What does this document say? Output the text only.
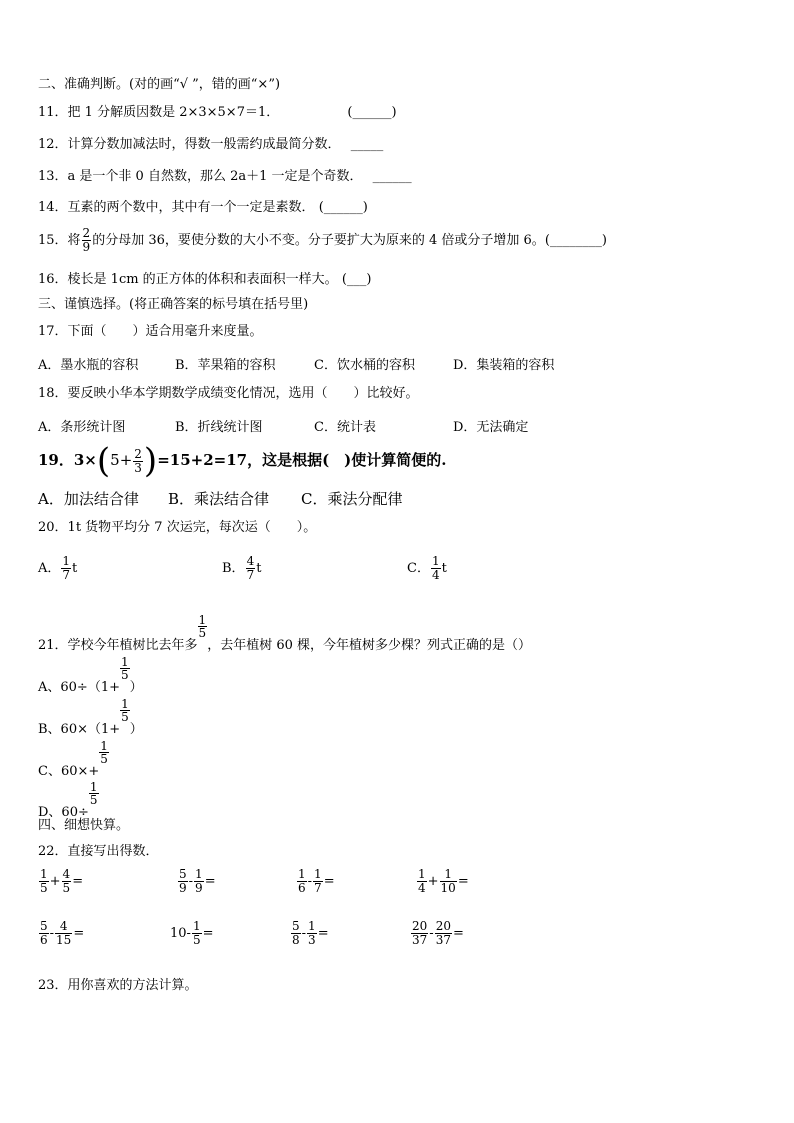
二、准确判断。(对的画“√ ”，错的画“×”)
11．把 1 分解质因数是 2×3×5×7＝1．	(______)
12．计算分数加减法时，得数一般需约成最简分数． _____
13．a 是一个非 0 自然数，那么 2a＋1 一定是个奇数． ______
14．互素的两个数中，其中有一个一定是素数． (______)
15．将 $\frac{2}{9}$ 的分母加 36，要使分数的大小不变。分子要扩大为原来的 4 倍或分子增加 6。(________)
16．棱长是 1cm 的正方体的体积和表面积一样大。 (___)
三、谨慎选择。(将正确答案的标号填在括号里)
17．下面（　　）适合用毫升来度量。
A．墨水瓶的容积	B．苹果箱的容积	C．饮水桶的容积	D．集装箱的容积
18．要反映小华本学期数学成绩变化情况，选用（　　）比较好。
A．条形统计图	B．折线统计图	C．统计表	D．无法确定
19．$3\times(5+ \frac{2}{3} )=15+2=17$，这是根据(　)使计算简便的.
A．加法结合律 B．乘法结合律 C．乘法分配律
20．1t 货物平均分 7 次运完，每次运（　　）。
A． $\frac{1}{7}$ t	B． $\frac{4}{7}$ t	C． $\frac{1}{4}$ t
21．学校今年植树比去年多
$\frac{1}{5}$
，去年植树 60 棵，今年植树多少棵？列式正确的是（）
A、60÷（1+
$\frac{1}{5}$
）
B、60×（1+
$\frac{1}{5}$
）
C、60×+
$\frac{1}{5}$
D、60÷
$\frac{1}{5}$
四、细想快算。
22．直接写出得数．
$\frac{1}{5} + \frac{4}{5}$ =	$\frac{5}{9} - \frac{1}{9}$ =	$\frac{1}{6} - \frac{1}{7}$ =	$\frac{1}{4} + \frac{1}{10}$ =
$\frac{5}{6} - \frac{4}{15}$ =	$10- \frac{1}{5}$ =	$\frac{5}{8} - \frac{1}{3}$ =	$\frac{20}{37} - \frac{20}{37}$ =
23．用你喜欢的方法计算。
